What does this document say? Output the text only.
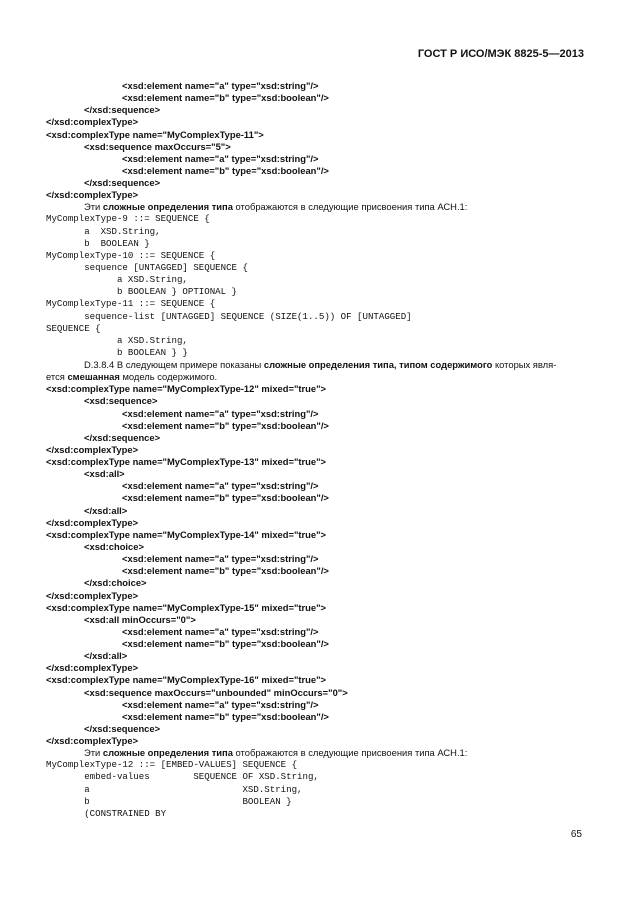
ГОСТ Р ИСО/МЭК 8825-5—2013
<xsd:element name="a" type="xsd:string"/>
<xsd:element name="b" type="xsd:boolean"/>
</xsd:sequence>
</xsd:complexType>
<xsd:complexType name="MyComplexType-11">
<xsd:sequence maxOccurs="5">
<xsd:element name="a" type="xsd:string"/>
<xsd:element name="b" type="xsd:boolean"/>
</xsd:sequence>
</xsd:complexType>
Эти сложные определения типа отображаются в следующие присвоения типа АСН.1:
MyComplexType-9 ::= SEQUENCE {
a  XSD.String,
b  BOOLEAN }
MyComplexType-10 ::= SEQUENCE {
sequence [UNTAGGED] SEQUENCE {
a XSD.String,
b BOOLEAN } OPTIONAL }
MyComplexType-11 ::= SEQUENCE {
sequence-list [UNTAGGED] SEQUENCE (SIZE(1..5)) OF [UNTAGGED]
SEQUENCE {
a XSD.String,
b BOOLEAN } }
D.3.8.4 В следующем примере показаны сложные определения типа, типом содержимого которых явля-
ется смешанная модель содержимого.
<xsd:complexType name="MyComplexType-12" mixed="true">
<xsd:sequence>
<xsd:element name="a" type="xsd:string"/>
<xsd:element name="b" type="xsd:boolean"/>
</xsd:sequence>
</xsd:complexType>
<xsd:complexType name="MyComplexType-13" mixed="true">
<xsd:all>
<xsd:element name="a" type="xsd:string"/>
<xsd:element name="b" type="xsd:boolean"/>
</xsd:all>
</xsd:complexType>
<xsd:complexType name="MyComplexType-14" mixed="true">
<xsd:choice>
<xsd:element name="a" type="xsd:string"/>
<xsd:element name="b" type="xsd:boolean"/>
</xsd:choice>
</xsd:complexType>
<xsd:complexType name="MyComplexType-15" mixed="true">
<xsd:all minOccurs="0">
<xsd:element name="a" type="xsd:string"/>
<xsd:element name="b" type="xsd:boolean"/>
</xsd:all>
</xsd:complexType>
<xsd:complexType name="MyComplexType-16" mixed="true">
<xsd:sequence maxOccurs="unbounded" minOccurs="0">
<xsd:element name="a" type="xsd:string"/>
<xsd:element name="b" type="xsd:boolean"/>
</xsd:sequence>
</xsd:complexType>
Эти сложные определения типа отображаются в следующие присвоения типа АСН.1:
MyComplexType-12 ::= [EMBED-VALUES] SEQUENCE {
embed-values        SEQUENCE OF XSD.String,
a                            XSD.String,
b                            BOOLEAN }
(CONSTRAINED BY
65
